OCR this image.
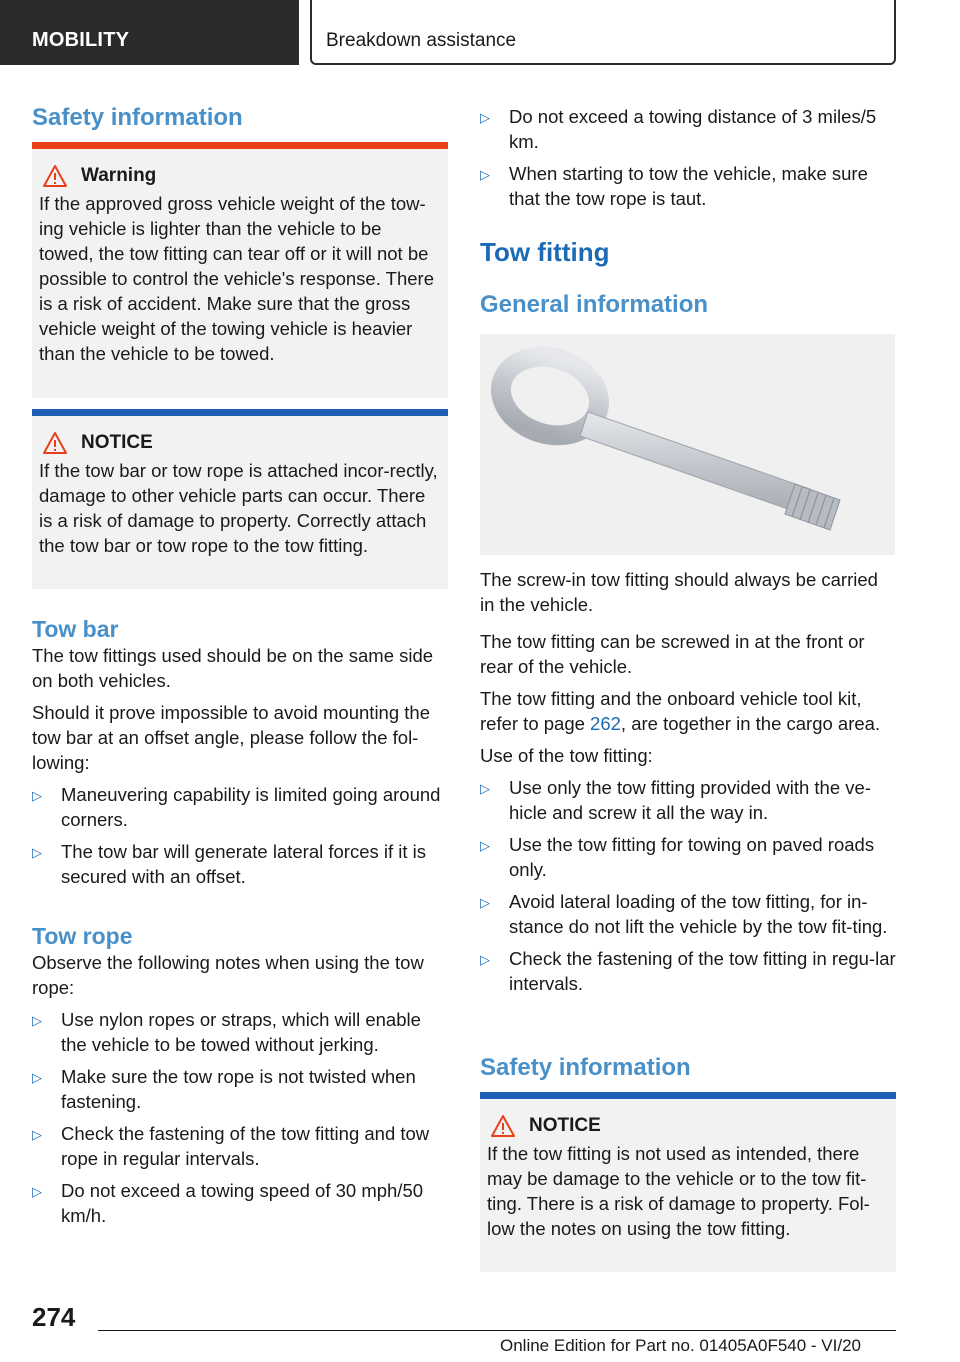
MOBILITY	Breakdown assistance
Safety information
Warning

If the approved gross vehicle weight of the tow-ing vehicle is lighter than the vehicle to be towed, the tow fitting can tear off or it will not be possible to control the vehicle's response. There is a risk of accident. Make sure that the gross vehicle weight of the towing vehicle is heavier than the vehicle to be towed.

NOTICE

If the tow bar or tow rope is attached incor-rectly, damage to other vehicle parts can occur. There is a risk of damage to property. Correctly attach the tow bar or tow rope to the tow fitting.

Tow bar

The tow fittings used should be on the same side on both vehicles.

Should it prove impossible to avoid mounting the tow bar at an offset angle, please follow the fol-lowing:

▷ Maneuvering capability is limited going around corners.
▷ The tow bar will generate lateral forces if it is secured with an offset.
Tow rope

Observe the following notes when using the tow rope:

▷ Use nylon ropes or straps, which will enable the vehicle to be towed without jerking.
▷ Make sure the tow rope is not twisted when fastening.
▷ Check the fastening of the tow fitting and tow rope in regular intervals.
▷ Do not exceed a towing speed of 30 mph/50 km/h.
▷ Do not exceed a towing distance of 3 miles/5 km.
▷ When starting to tow the vehicle, make sure that the tow rope is taut.
Tow fitting
General information

The screw-in tow fitting should always be carried in the vehicle.

The tow fitting can be screwed in at the front or rear of the vehicle.

The tow fitting and the onboard vehicle tool kit, refer to page 262, are together in the cargo area.

Use of the tow fitting:

▷ Use only the tow fitting provided with the ve-hicle and screw it all the way in.
▷ Use the tow fitting for towing on paved roads only.
▷ Avoid lateral loading of the tow fitting, for in-stance do not lift the vehicle by the tow fit-ting.
▷ Check the fastening of the tow fitting in regu-lar intervals.
Safety information
NOTICE

If the tow fitting is not used as intended, there may be damage to the vehicle or to the tow fit-ting. There is a risk of damage to property. Fol-low the notes on using the tow fitting.

274
Online Edition for Part no. 01405A0F540 - VI/20
